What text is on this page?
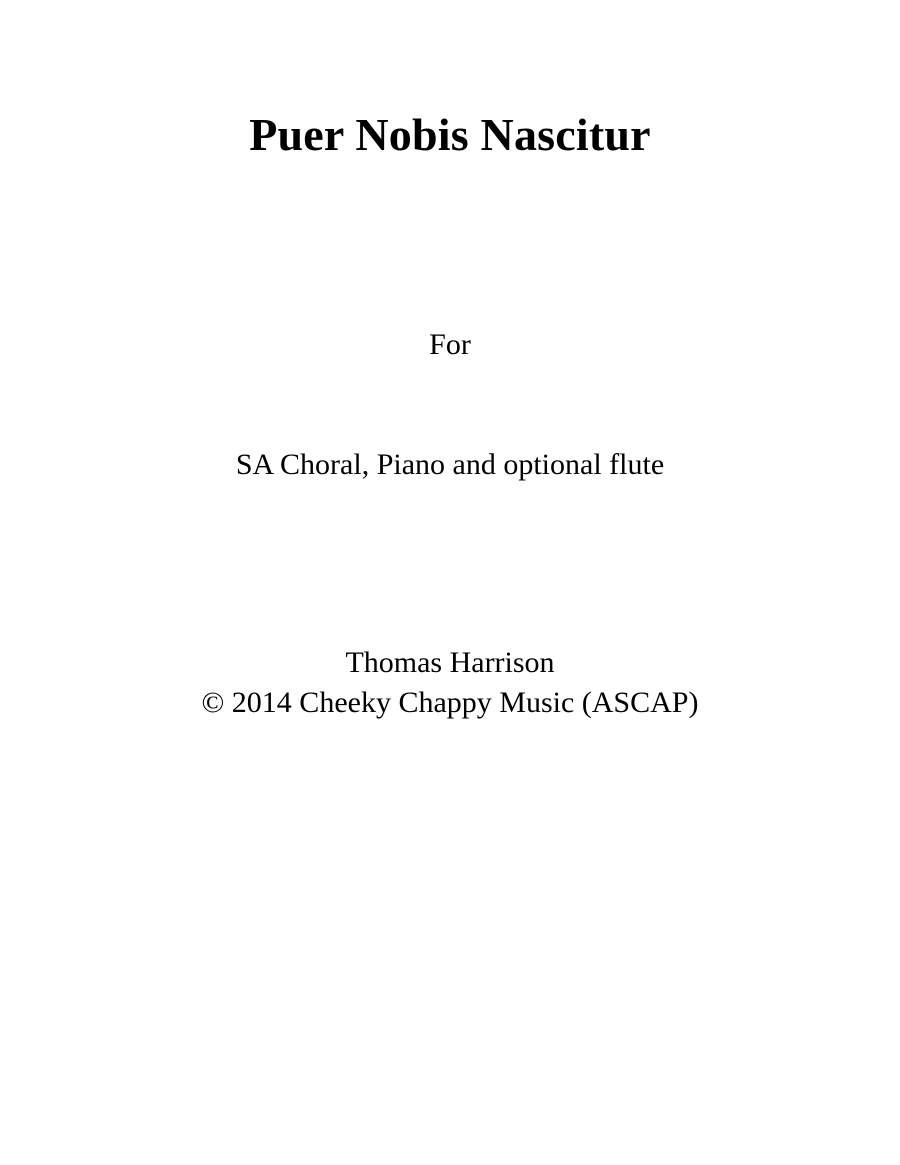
Puer Nobis Nascitur
For
SA Choral, Piano and optional flute
Thomas Harrison
© 2014 Cheeky Chappy Music (ASCAP)
